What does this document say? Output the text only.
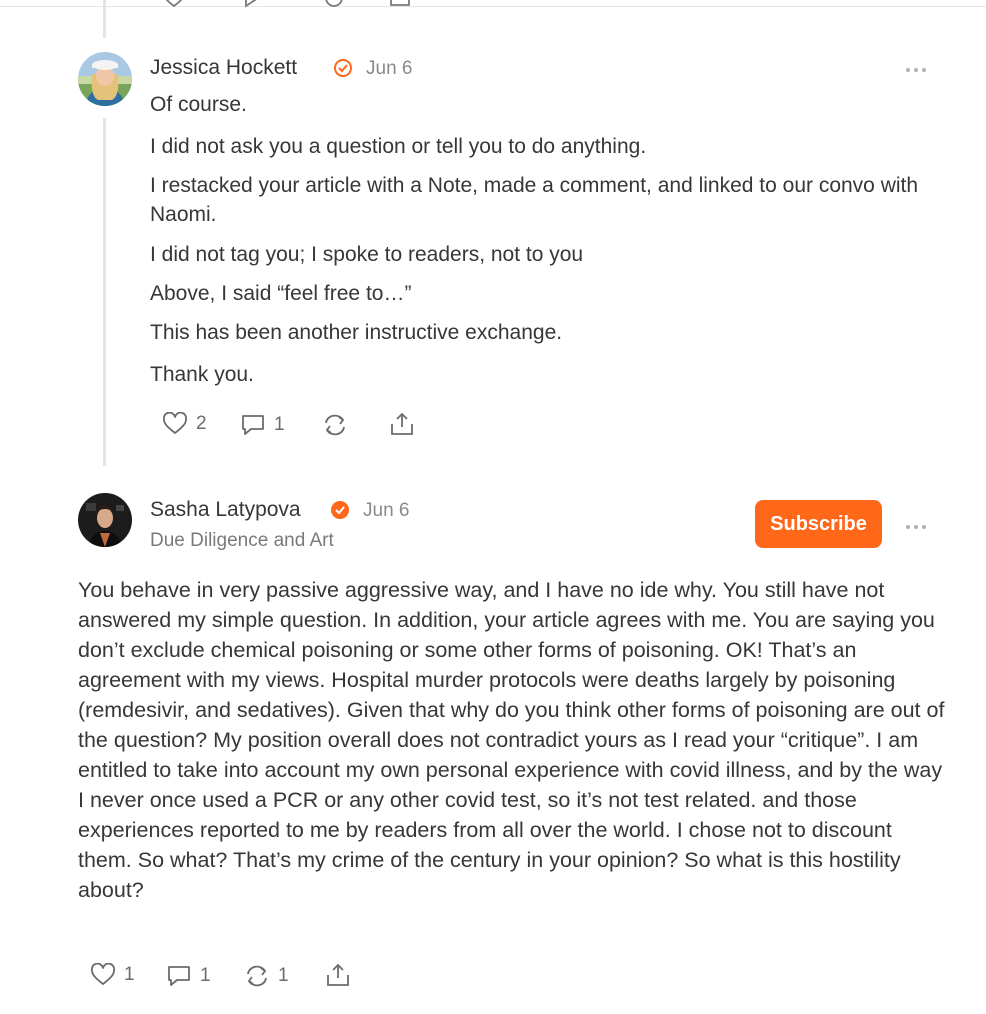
Jessica Hockett	Jun 6

Of course.

I did not ask you a question or tell you to do anything.

I restacked your article with a Note, made a comment, and linked to our convo with Naomi.

I did not tag you; I spoke to readers, not to you

Above, I said “feel free to…”

This has been another instructive exchange.

Thank you.

2	1
Sasha Latypova	Jun 6
Due Diligence and Art
Subscribe

You behave in very passive aggressive way, and I have no ide why. You still have not answered my simple question. In addition, your article agrees with me. You are saying you don’t exclude chemical poisoning or some other forms of poisoning. OK! That’s an agreement with my views. Hospital murder protocols were deaths largely by poisoning (remdesivir, and sedatives). Given that why do you think other forms of poisoning are out of the question? My position overall does not contradict yours as I read your “critique”. I am entitled to take into account my own personal experience with covid illness, and by the way I never once used a PCR or any other covid test, so it’s not test related. and those experiences reported to me by readers from all over the world. I chose not to discount them. So what? That’s my crime of the century in your opinion? So what is this hostility about?

1	1	1
